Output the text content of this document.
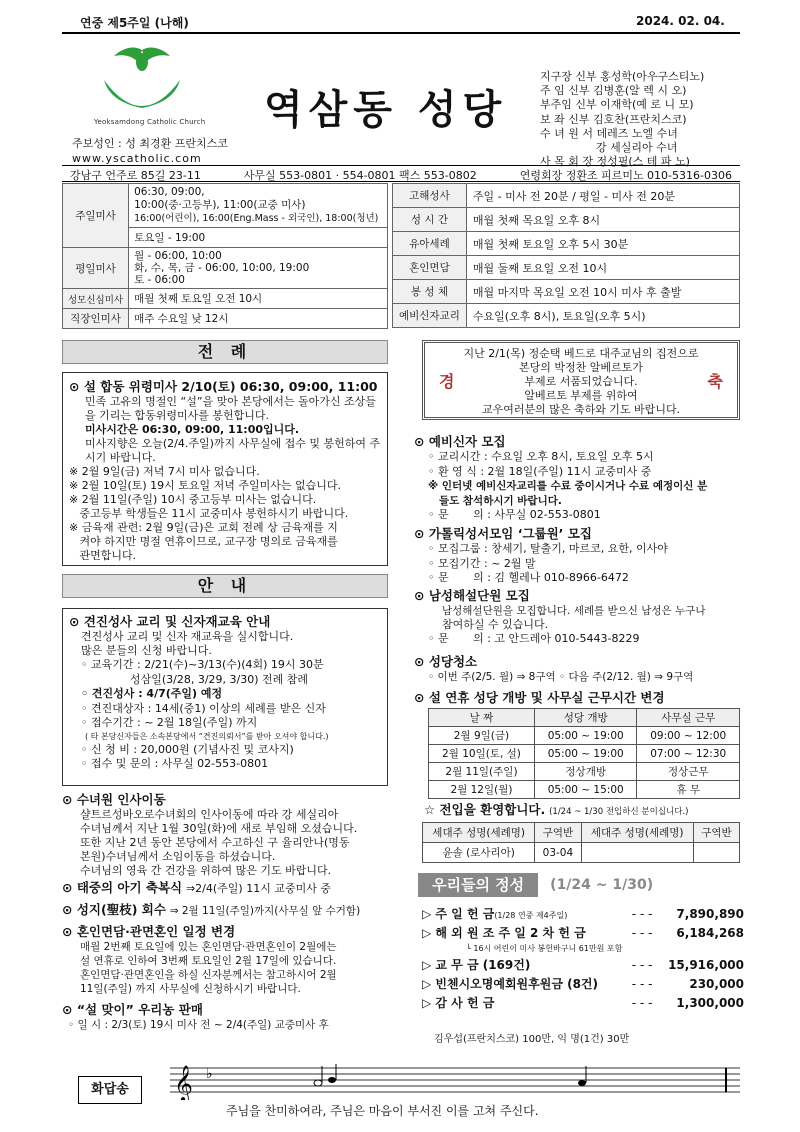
연중 제5주일 (나해)	2024. 02. 04.
Yeoksamdong Catholic Church 역삼동 성당
주보성인 : 성 최경환 프란치스코
www.yscatholic.com
지구장 신부 홍성학(아우구스티노)
주 임 신부 김병훈(알 렉 시 오)
부주임 신부 이재학(예 로 니 모)
보 좌 신부 김호찬(프란치스코)
수 녀 원 서 데레즈 노엘 수녀
강 세실리아 수녀
사 목 회 장 정성필(스 테 파 노)
강남구 언주로 85길 23-11	사무실 553-0801 · 554-0801 팩스 553-0802	연령회장 정환조 피르미노 010-5316-0306
주일미사	06:30, 09:00,
10:00(중·고등부), 11:00(교중 미사)
16:00(어린이), 16:00(Eng.Mass - 외국인), 18:00(청년)

	토요일 - 19:00
평일미사	월 - 06:00, 10:00
화, 수, 목, 금 - 06:00, 10:00, 19:00
토 - 06:00

성모신심미사	매월 첫째 토요일 오전 10시
직장인미사	매주 수요일 낮 12시
고해성사	주일 - 미사 전 20분 / 평일 - 미사 전 20분
성 시 간	매월 첫째 목요일 오후 8시
유아세례	매월 첫째 토요일 오후 5시 30분
혼인면담	매월 둘째 토요일 오전 10시
봉 성 체	매월 마지막 목요일 오전 10시 미사 후 출발
예비신자교리	수요일(오후 8시), 토요일(오후 5시)
전 례
⊙ 설 합동 위령미사 2/10(토) 06:30, 09:00, 11:00
민족 고유의 명절인 “설”을 맞아 본당에서는 돌아가신 조상들을 기리는 합동위령미사를 봉헌합니다.
미사시간은 06:30, 09:00, 11:00입니다.
미사지향은 오늘(2/4.주일)까지 사무실에 접수 및 봉헌하여 주시기 바랍니다.
※ 2월 9일(금) 저녁 7시 미사 없습니다.
※ 2월 10일(토) 19시 토요일 저녁 주일미사는 없습니다.
※ 2월 11일(주일) 10시 중고등부 미사는 없습니다.
중고등부 학생들은 11시 교중미사 봉헌하시기 바랍니다.
※ 금육재 관련: 2월 9일(금)은 교회 전례 상 금육재를 지
켜야 하지만 명절 연휴이므로, 교구장 명의로 금육재를
관면합니다.
안 내
⊙ 견진성사 교리 및 신자재교육 안내
견진성사 교리 및 신자 재교육을 실시합니다.
많은 분들의 신청 바랍니다.
◦ 교육기간 : 2/21(수)~3/13(수)(4회) 19시 30분
성삼일(3/28, 3/29, 3/30) 전례 참례
◦ 견진성사 : 4/7(주일) 예정
◦ 견진대상자 : 14세(중1) 이상의 세례를 받은 신자
◦ 접수기간 : ~ 2월 18일(주일) 까지
( 타 본당신자들은 소속본당에서 “견진의뢰서”를 받아 오셔야 합니다.)
◦ 신 청 비 : 20,000원 (기념사진 및 코사지)
◦ 접수 및 문의 : 사무실 02-553-0801
⊙ 수녀원 인사이동
샬트르성바오로수녀회의 인사이동에 따라 강 세실리아
수녀님께서 지난 1월 30일(화)에 새로 부임해 오셨습니다.
또한 지난 2년 동안 본당에서 수고하신 구 율리안나(명동
본원)수녀님께서 소임이동을 하셨습니다.
수녀님의 영육 간 건강을 위하여 많은 기도 바랍니다.
⊙ 태중의 아기 축복식 ⇒2/4(주일) 11시 교중미사 중
⊙ 성지(聖枝) 회수 ⇒ 2월 11일(주일)까지(사무실 앞 수거함)
⊙ 혼인면담·관면혼인 일정 변경
매월 2번째 토요일에 있는 혼인면담·관면혼인이 2월에는
설 연휴로 인하여 3번째 토요일인 2월 17일에 있습니다.
혼인면담·관면혼인을 하실 신자분께서는 참고하시어 2월
11일(주일) 까지 사무실에 신청하시기 바랍니다.
⊙ “설 맞이” 우리농 판매
◦ 일 시 : 2/3(토) 19시 미사 전 ~ 2/4(주일) 교중미사 후
지난 2/1(목) 정순택 베드로 대주교님의 집전으로
본당의 박정찬 알베르토가
부제로 서품되었습니다.
알베르토 부제를 위하여
교우여러분의 많은 축하와 기도 바랍니다.
경	축
⊙ 예비신자 모집
◦ 교리시간 : 수요일 오후 8시, 토요일 오후 5시
◦ 환 영 식 : 2월 18일(주일) 11시 교중미사 중
※ 인터넷 예비신자교리를 수료 중이시거나 수료 예정이신 분
들도 참석하시기 바랍니다.
◦ 문       의 : 사무실 02-553-0801
⊙ 가톨릭성서모임 ‘그룹원’ 모집
◦ 모집그룹 : 창세기, 탈출기, 마르코, 요한, 이사야
◦ 모집기간 : ~ 2월 말
◦ 문       의 : 김 헬레나 010-8966-6472
⊙ 남성해설단원 모집
남성해설단원을 모집합니다. 세례를 받으신 남성은 누구나
참여하실 수 있습니다.
◦ 문       의 : 고 안드레아 010-5443-8229
⊙ 성당청소
◦ 이번 주(2/5. 월) ⇒ 8구역 ◦ 다음 주(2/12. 월) ⇒ 9구역
⊙ 설 연휴 성당 개방 및 사무실 근무시간 변경
날 짜	성당 개방	사무실 근무
2월 9일(금)	05:00 ~ 19:00	09:00 ~ 12:00
2월 10일(토, 설)	05:00 ~ 19:00	07:00 ~ 12:30
2월 11일(주일)	정상개방	정상근무
2월 12일(월)	05:00 ~ 15:00	휴 무
☆ 전입을 환영합니다. (1/24 ~ 1/30 전입하신 분이십니다.)
세대주 성명(세례명)	구역반	세대주 성명(세례명)	구역반
윤솔 (로사리아)	03-04		
우리들의 정성	(1/24 ~ 1/30)
▷ 주 일 헌 금(1/28 연중 제4주일)	- - -	7,890,890
▷ 해 외 원 조 주 일 2 차 헌 금	- - -	6,184,268
└ 16시 어린이 미사 봉헌바구니 61만원 포함		
▷ 교 무 금 (169건)	- - -	15,916,000
▷ 빈첸시오명예회원후원금 (8건)	- - -	230,000
▷ 감 사 헌 금	- - -	1,300,000
김우섭(프란치스코) 100만, 익 명(1건) 30만
화답송	𝄞 ♭
주님을 찬미하여라, 주님은 마음이 부서진 이를 고쳐 주신다.
